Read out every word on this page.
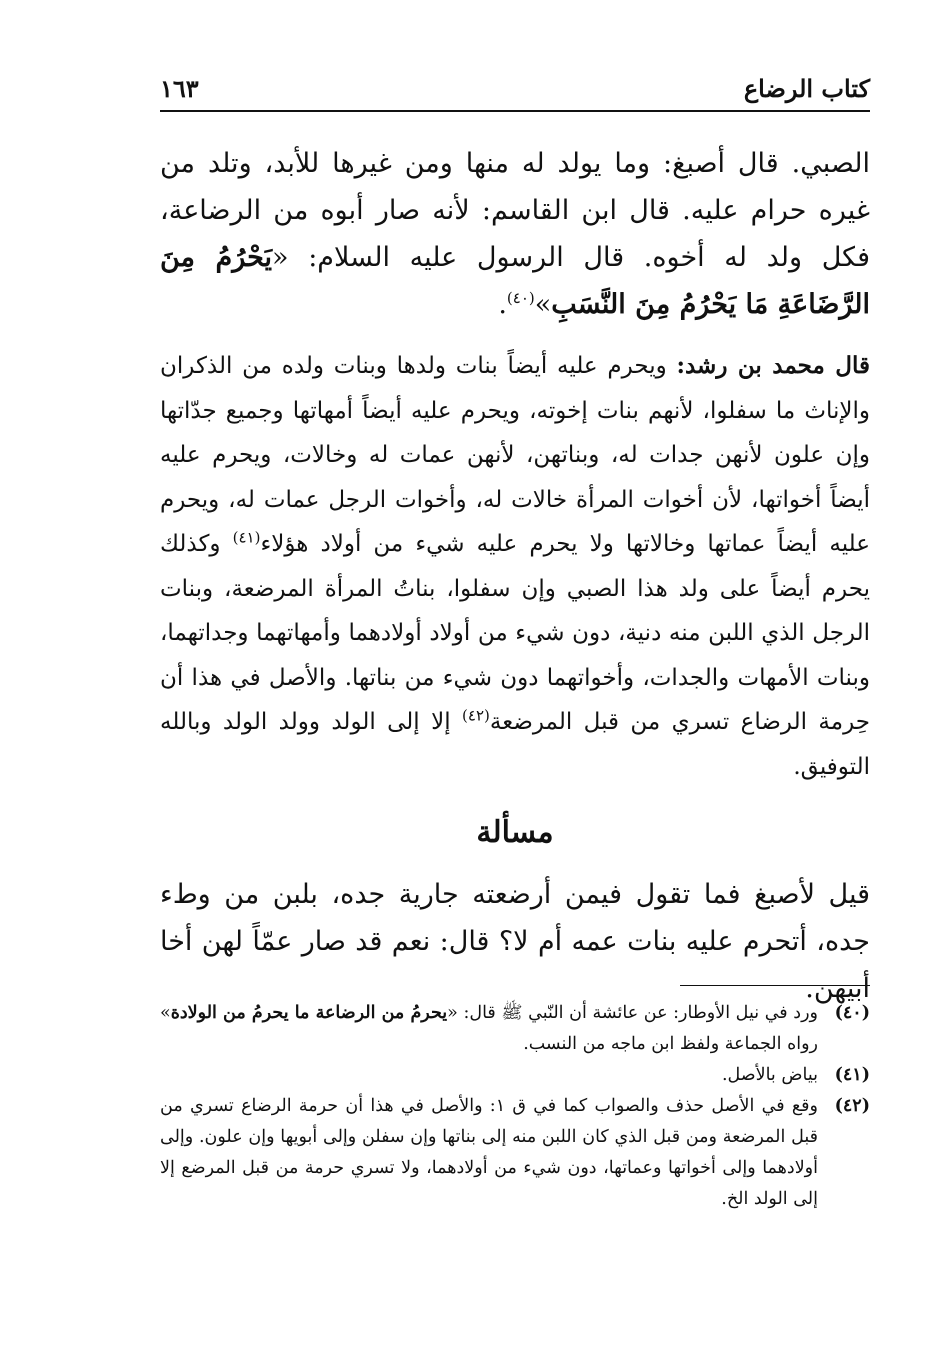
كتاب الرضاع
١٦٣

الصبي. قال أصبغ: وما يولد له منها ومن غيرها للأبد، وتلد من غيره حرام عليه. قال ابن القاسم: لأنه صار أبوه من الرضاعة، فكل ولد له أخوه. قال الرسول عليه السلام: «يَحْرُمُ مِنَ الرَّضَاعَةِ مَا يَحْرُمُ مِنَ النَّسَبِ»$^{(٤٠)}$.

قال محمد بن رشد: ويحرم عليه أيضاً بنات ولدها وبنات ولده من الذكران والإناث ما سفلوا، لأنهم بنات إخوته، ويحرم عليه أيضاً أمهاتها وجميع جدّاتها وإن علون لأنهن جدات له، وبناتهن، لأنهن عمات له وخالات، ويحرم عليه أيضاً أخواتها، لأن أخوات المرأة خالات له، وأخوات الرجل عمات له، ويحرم عليه أيضاً عماتها وخالاتها ولا يحرم عليه شيء من أولاد هؤلاء$^{(٤١)}$ وكذلك يحرم أيضاً على ولد هذا الصبي وإن سفلوا، بناتُ المرأة المرضعة، وبنات الرجل الذي اللبن منه دنية، دون شيء من أولاد أولادهما وأمهاتهما وجداتهما، وبنات الأمهات والجدات، وأخواتهما دون شيء من بناتها. والأصل في هذا أن حِرمة الرضاع تسري من قبل المرضعة$^{(٤٢)}$ إلا إلى الولد وولد الولد وبالله التوفيق.

مسألة

قيل لأصبغ فما تقول فيمن أرضعته جارية جده، بلبن من وطء جده، أتحرم عليه بنات عمه أم لا؟ قال: نعم قد صار عمّاً لهن أخا أبيهن.

(٤٠)
ورد في نيل الأوطار: عن عائشة أن النّبي ﷺ قال: «يحرمُ من الرضاعة ما يحرمُ من الولادة» رواه الجماعة ولفظ ابن ماجه من النسب.

(٤١)
بياض بالأصل.

(٤٢)
وقع في الأصل حذف والصواب كما في ق ١: والأصل في هذا أن حرمة الرضاع تسري من قبل المرضعة ومن قبل الذي كان اللبن منه إلى بناتها وإن سفلن وإلى أبويها وإن علون. وإلى أولادهما وإلى أخواتها وعماتها، دون شيء من أولادهما، ولا تسري حرمة من قبل المرضع إلا إلى الولد الخ.
